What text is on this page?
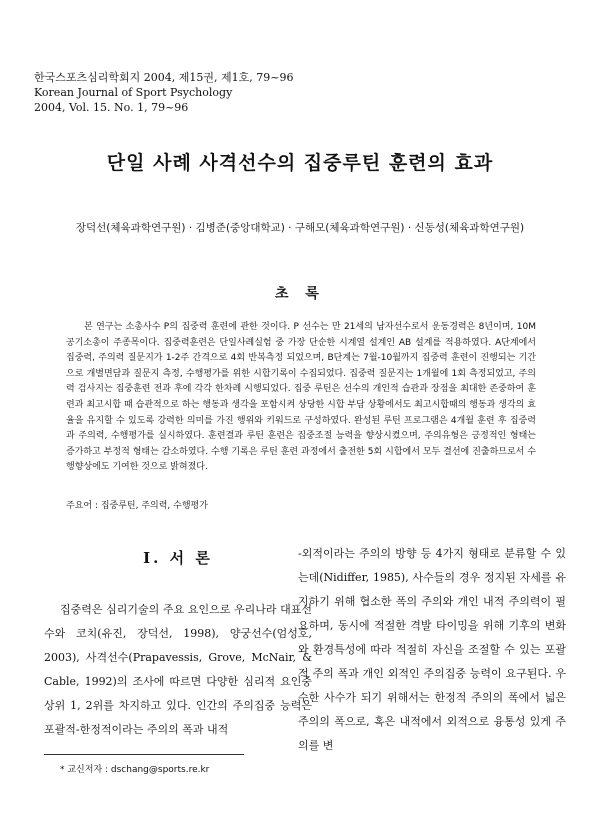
한국스포츠심리학회지 2004, 제15권, 제1호, 79~96
Korean Journal of Sport Psychology
2004, Vol. 15. No. 1, 79~96
단일 사례 사격선수의 집중루틴 훈련의 효과
장덕선(체육과학연구원) · 김병준(중앙대학교) · 구해모(체육과학연구원) · 신동성(체육과학연구원)
초 록
본 연구는 소총사수 P의 집중력 훈련에 관한 것이다. P 선수는 만 21세의 남자선수로서 운동경력은 8년이며, 10M 공기소총이 주종목이다. 집중력훈련은 단일사례실험 중 가장 단순한 시계열 설계인 AB 설계를 적용하였다. A단계에서 집중력, 주의력 질문지가 1-2주 간격으로 4회 반복측정 되었으며, B단계는 7월-10월까지 집중력 훈련이 진행되는 기간으로 개별면담과 질문지 측정, 수행평가를 위한 시합기록이 수집되었다. 집중력 질문지는 1개월에 1회 측정되었고, 주의력 검사지는 집중훈련 전과 후에 각각 한차례 시행되었다. 집중 루틴은 선수의 개인적 습관과 장점을 최대한 존중하여 훈련과 최고시합 때 습관적으로 하는 행동과 생각을 포함시켜 상당한 시합 부담 상황에서도 최고시합때의 행동과 생각의 효율을 유지할 수 있도록 강력한 의미를 가진 행위와 키워드로 구성하였다. 완성된 루틴 프로그램은 4개월 훈련 후 집중력과 주의력, 수행평가를 실시하였다. 훈련결과 루틴 훈련은 집중조절 능력을 향상시켰으며, 주의유형은 긍정적인 형태는 증가하고 부정적 형태는 감소하였다. 수행 기록은 루틴 훈련 과정에서 출전한 5회 시합에서 모두 결선에 진출하므로서 수행향상에도 기여한 것으로 밝혀졌다.
주요어 : 집중루틴, 주의력, 수행평가
I. 서 론
집중력은 심리기술의 주요 요인으로 우리나라 대표선수와 코치(유진, 장덕선, 1998), 양궁선수(엄성호, 2003), 사격선수(Prapavessis, Grove, McNair, & Cable, 1992)의 조사에 따르면 다양한 심리적 요인중 상위 1, 2위를 차지하고 있다. 인간의 주의집중 능력은 포괄적-한정적이라는 주의의 폭과 내적
-외적이라는 주의의 방향 등 4가지 형태로 분류할 수 있는데(Nidiffer, 1985), 사수들의 경우 정지된 자세를 유지하기 위해 협소한 폭의 주의와 개인 내적 주의력이 필요하며, 동시에 적절한 격발 타이밍을 위해 기후의 변화와 환경특성에 따라 적절히 자신을 조절할 수 있는 포괄적 주의 폭과 개인 외적인 주의집중 능력이 요구된다. 우수한 사수가 되기 위해서는 한정적 주의의 폭에서 넓은 주의의 폭으로, 혹은 내적에서 외적으로 융통성 있게 주의를 변
* 교신저자 : dschang@sports.re.kr
